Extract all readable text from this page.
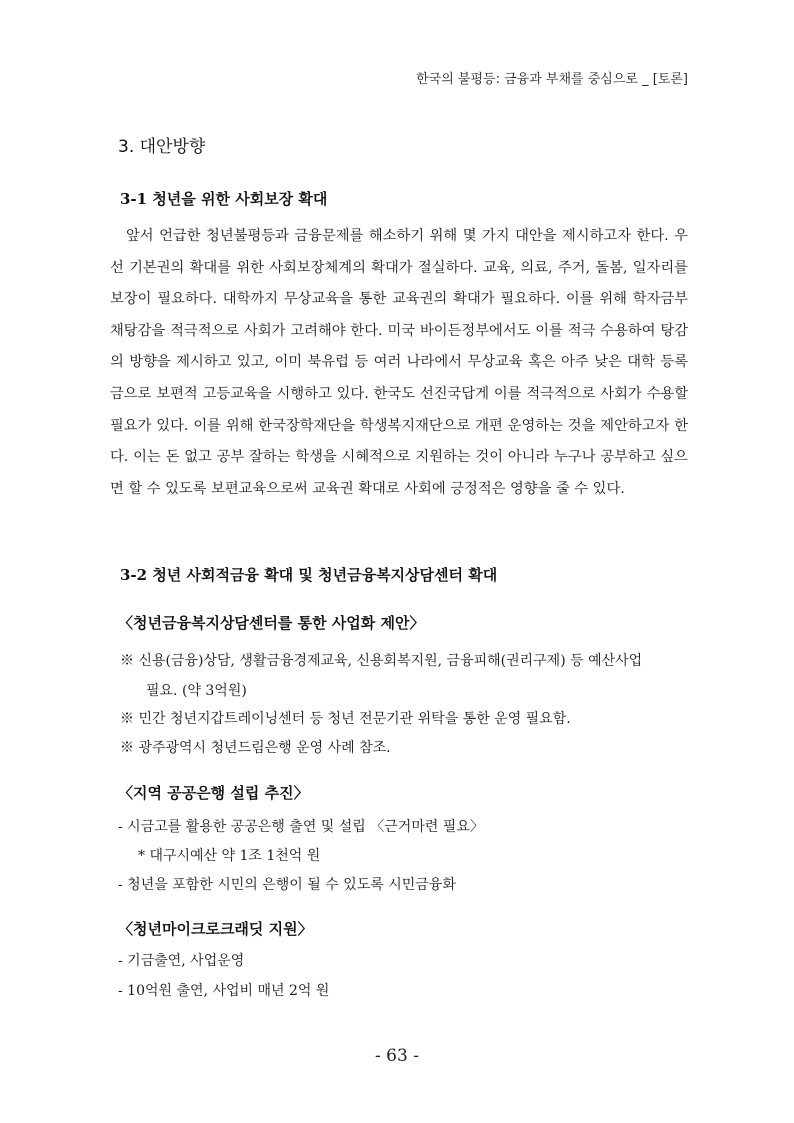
한국의 불평등: 금융과 부채를 중심으로 _ [토론]
3. 대안방향
3-1 청년을 위한 사회보장 확대

앞서 언급한 청년불평등과 금융문제를 해소하기 위해 몇 가지 대안을 제시하고자 한다. 우선 기본권의 확대를 위한 사회보장체계의 확대가 절실하다. 교육, 의료, 주거, 돌봄, 일자리를 보장이 필요하다. 대학까지 무상교육을 통한 교육권의 확대가 필요하다. 이를 위해 학자금부채탕감을 적극적으로 사회가 고려해야 한다. 미국 바이든정부에서도 이를 적극 수용하여 탕감의 방향을 제시하고 있고, 이미 북유럽 등 여러 나라에서 무상교육 혹은 아주 낮은 대학 등록금으로 보편적 고등교육을 시행하고 있다. 한국도 선진국답게 이를 적극적으로 사회가 수용할 필요가 있다. 이를 위해 한국장학재단을 학생복지재단으로 개편 운영하는 것을 제안하고자 한다. 이는 돈 없고 공부 잘하는 학생을 시혜적으로 지원하는 것이 아니라 누구나 공부하고 싶으면 할 수 있도록 보편교육으로써 교육권 확대로 사회에 긍정적은 영향을 줄 수 있다.

3-2 청년 사회적금융 확대 및 청년금융복지상담센터 확대
〈청년금융복지상담센터를 통한 사업화 제안〉
※ 신용(금융)상담, 생활금융경제교육, 신용회복지원, 금융피해(권리구제) 등 예산사업
필요. (약 3억원)
※ 민간 청년지갑트레이닝센터 등 청년 전문기관 위탁을 통한 운영 필요함.
※ 광주광역시 청년드림은행 운영 사례 참조.
〈지역 공공은행 설립 추진〉
- 시금고를 활용한 공공은행 출연 및 설립 〈근거마련 필요〉
* 대구시예산 약 1조 1천억 원
- 청년을 포함한 시민의 은행이 될 수 있도록 시민금융화
〈청년마이크로크래딧 지원〉
- 기금출연, 사업운영
- 10억원 출연, 사업비 매년 2억 원
- 63 -
